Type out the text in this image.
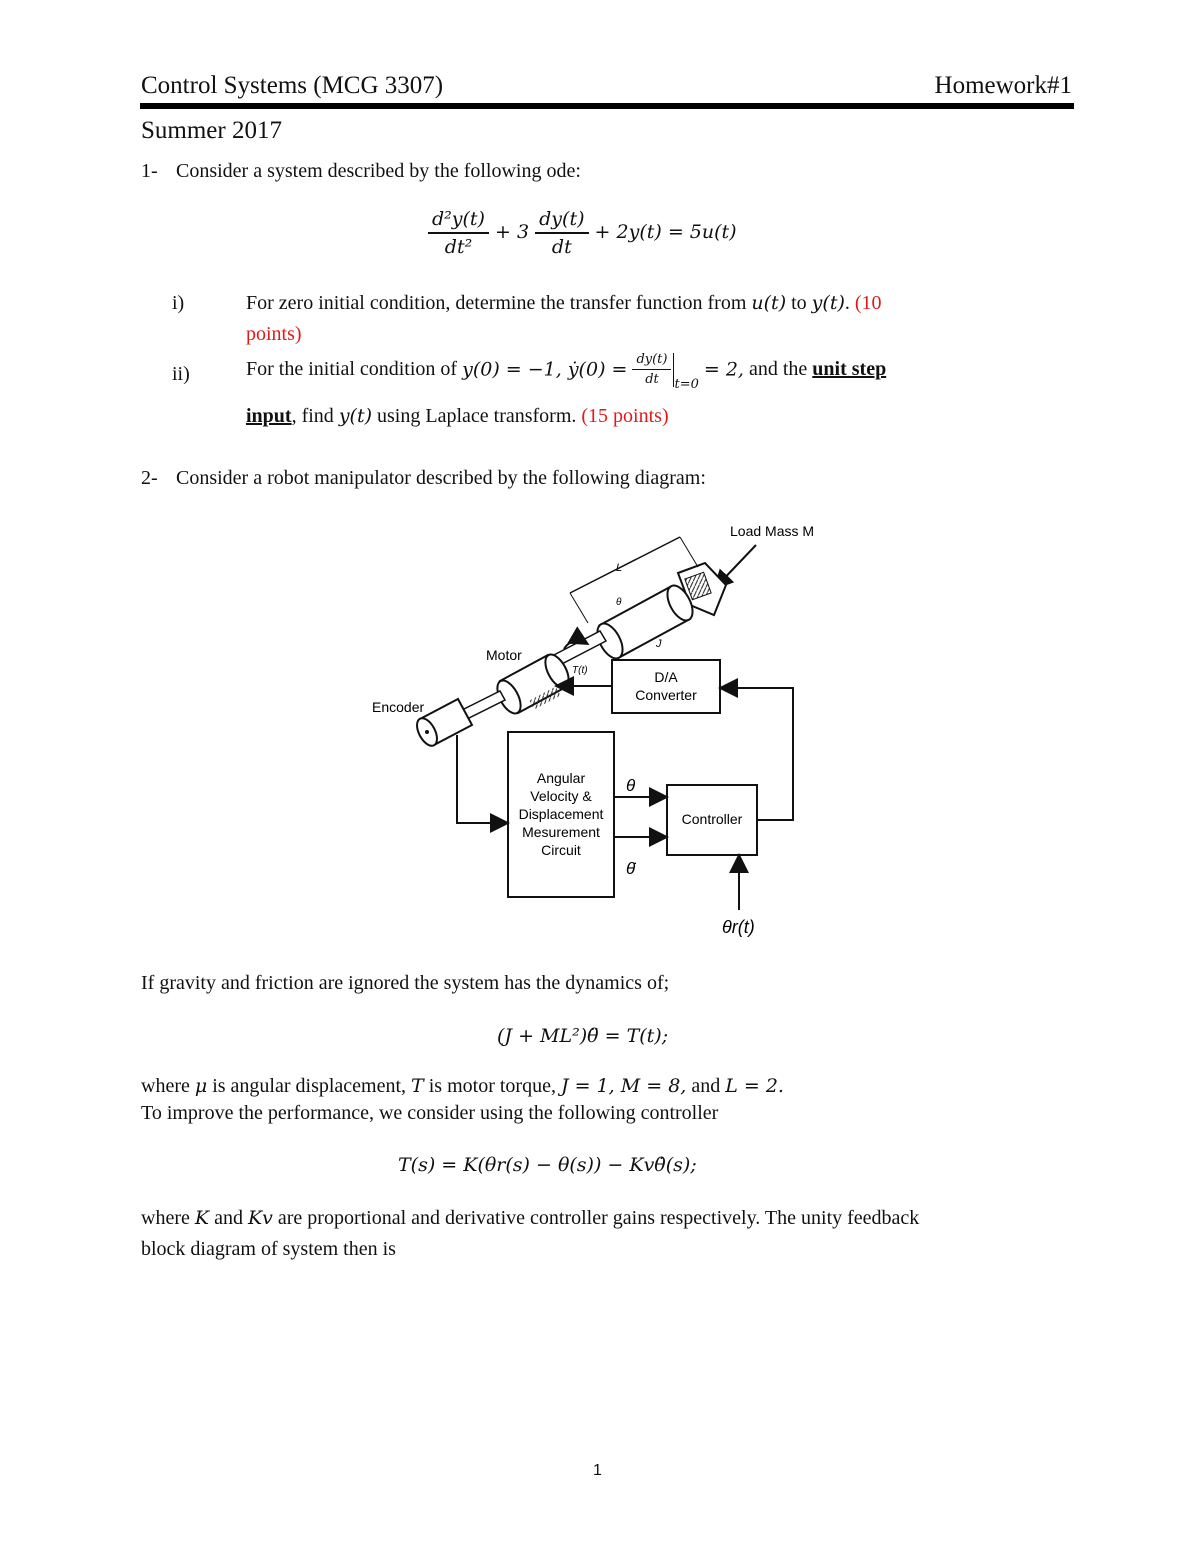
Control Systems (MCG 3307)	Homework#1
Summer 2017
1- Consider a system described by the following ode:
$\frac{\text{d²y(t)}}{\text{dt²}} + 3 \frac{dy(t)}{dt} + 2y(t) = 5u(t)$
i)	For zero initial condition, determine the transfer function from u(t) to y(t). (10
points)
ii)	For the initial condition of y(0) = −1, ẏ(0) = $\frac{dy(t)}{dt} _{t=0} = 2$, and the unit step
input, find y(t) using Laplace transform. (15 points)
2- Consider a robot manipulator described by the following diagram:
Load Mass M
L
θ
J
Motor
T(t)
Encoder
D/A
Converter
Angular
Velocity &
Displacement
Mesurement
Circuit
Controller
θ
θ̇
θr(t)
If gravity and friction are ignored the system has the dynamics of;
(J + ML²)θ̈ = T(t);
where μ is angular displacement, T is motor torque, J = 1, M = 8, and L = 2.
To improve the performance, we consider using the following controller
T(s) = K(θr(s) − θ(s)) − Kvθ̇(s);
where K and Kv are proportional and derivative controller gains respectively. The unity feedback
block diagram of system then is
1
